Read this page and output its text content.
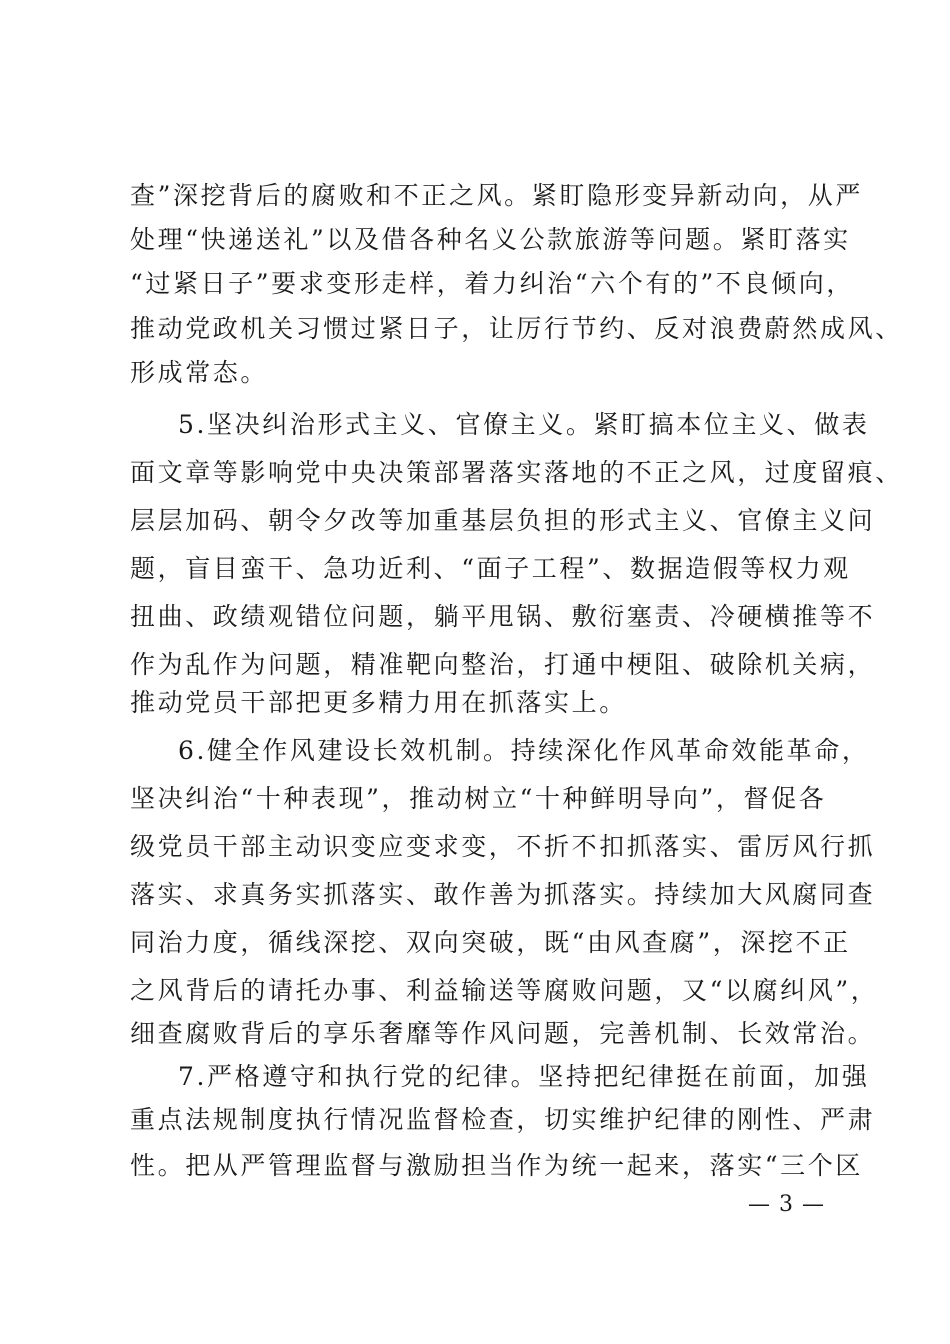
查”深挖背后的腐败和不正之风。紧盯隐形变异新动向，从严
处理“快递送礼”以及借各种名义公款旅游等问题。紧盯落实
“过紧日子”要求变形走样，着力纠治“六个有的”不良倾向，
推动党政机关习惯过紧日子，让厉行节约、反对浪费蔚然成风、
形成常态。
5.坚决纠治形式主义、官僚主义。紧盯搞本位主义、做表
面文章等影响党中央决策部署落实落地的不正之风，过度留痕、
层层加码、朝令夕改等加重基层负担的形式主义、官僚主义问
题，盲目蛮干、急功近利、“面子工程”、数据造假等权力观
扭曲、政绩观错位问题，躺平甩锅、敷衍塞责、冷硬横推等不
作为乱作为问题，精准靶向整治，打通中梗阻、破除机关病，
推动党员干部把更多精力用在抓落实上。
6.健全作风建设长效机制。持续深化作风革命效能革命，
坚决纠治“十种表现”，推动树立“十种鲜明导向”，督促各
级党员干部主动识变应变求变，不折不扣抓落实、雷厉风行抓
落实、求真务实抓落实、敢作善为抓落实。持续加大风腐同查
同治力度，循线深挖、双向突破，既“由风查腐”，深挖不正
之风背后的请托办事、利益输送等腐败问题，又“以腐纠风”，
细查腐败背后的享乐奢靡等作风问题，完善机制、长效常治。
7.严格遵守和执行党的纪律。坚持把纪律挺在前面，加强
重点法规制度执行情况监督检查，切实维护纪律的刚性、严肃
性。把从严管理监督与激励担当作为统一起来，落实“三个区
— 3 —
